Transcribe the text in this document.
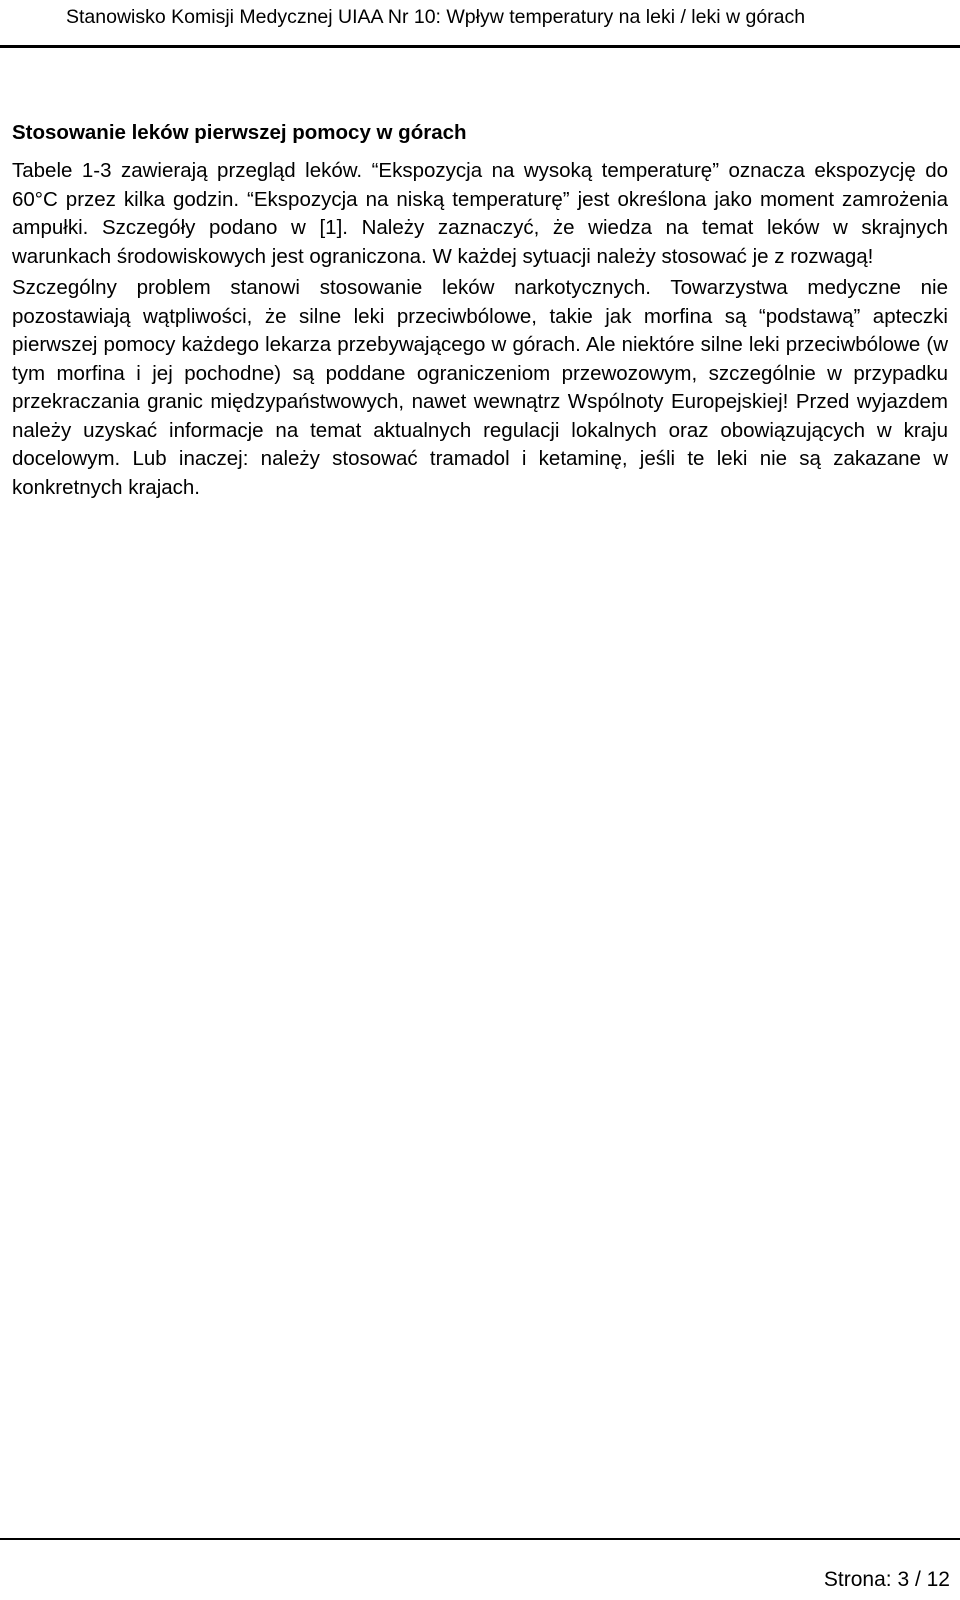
Stanowisko Komisji Medycznej UIAA Nr 10: Wpływ temperatury na leki / leki w górach
Stosowanie leków pierwszej pomocy w górach

Tabele 1-3 zawierają przegląd leków. “Ekspozycja na wysoką temperaturę” oznacza ekspozycję do 60°C przez kilka godzin. “Ekspozycja na niską temperaturę” jest określona jako moment zamrożenia ampułki. Szczegóły podano w [1]. Należy zaznaczyć, że wiedza na temat leków w skrajnych warunkach środowiskowych jest ograniczona. W każdej sytuacji należy stosować je z rozwagą!

Szczególny problem stanowi stosowanie leków narkotycznych. Towarzystwa medyczne nie pozostawiają wątpliwości, że silne leki przeciwbólowe, takie jak morfina są “podstawą” apteczki pierwszej pomocy każdego lekarza przebywającego w górach. Ale niektóre silne leki przeciwbólowe (w tym morfina i jej pochodne) są poddane ograniczeniom przewozowym, szczególnie w przypadku przekraczania granic międzypaństwowych, nawet wewnątrz Wspólnoty Europejskiej! Przed wyjazdem należy uzyskać informacje na temat aktualnych regulacji lokalnych oraz obowiązujących w kraju docelowym. Lub inaczej: należy stosować tramadol i ketaminę, jeśli te leki nie są zakazane w konkretnych krajach.

Strona: 3 / 12
